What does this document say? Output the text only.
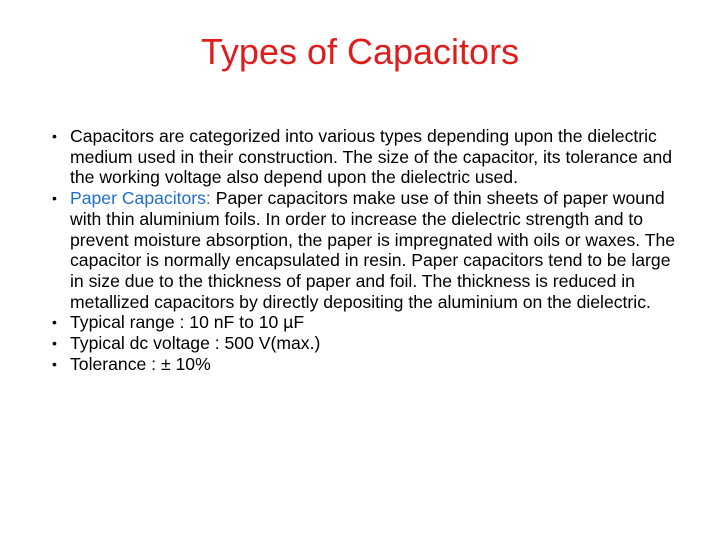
Types of Capacitors
• Capacitors are categorized into various types depending upon the dielectric medium used in their construction. The size of the capacitor, its tolerance and the working voltage also depend upon the dielectric used.
• Paper Capacitors: Paper capacitors make use of thin sheets of paper wound with thin aluminium foils. In order to increase the dielectric strength and to prevent moisture absorption, the paper is impregnated with oils or waxes. The capacitor is normally encapsulated in resin. Paper capacitors tend to be large in size due to the thickness of paper and foil. The thickness is reduced in metallized capacitors by directly depositing the aluminium on the dielectric.
• Typical range : 10 nF to 10 µF
• Typical dc voltage : 500 V(max.)
• Tolerance : ± 10%
